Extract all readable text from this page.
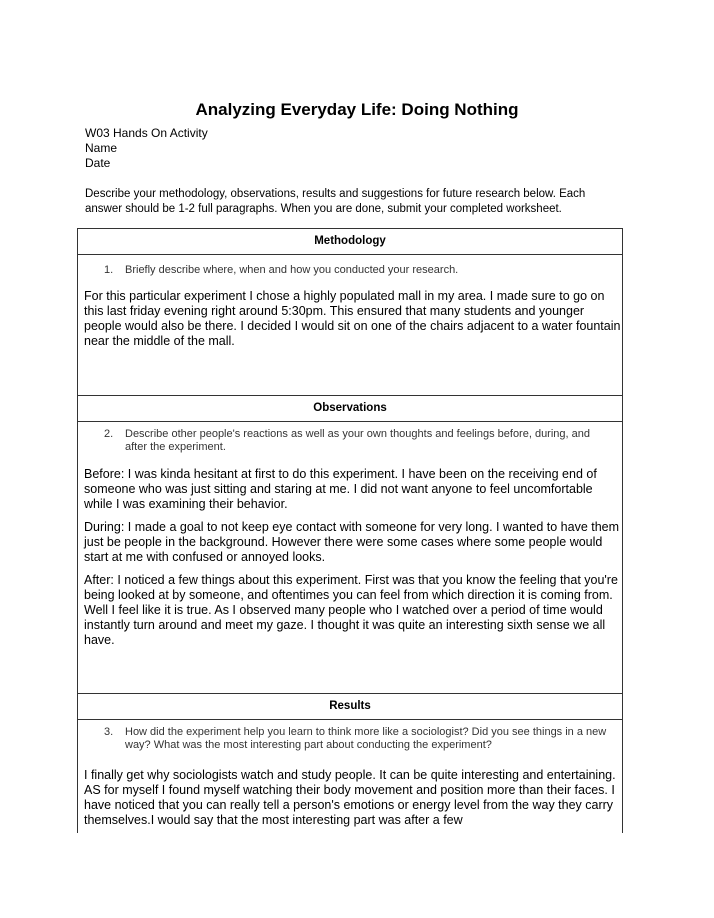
Analyzing Everyday Life: Doing Nothing
W03 Hands On Activity
Name
Date
Describe your methodology, observations, results and suggestions for future research below. Each answer should be 1-2 full paragraphs. When you are done, submit your completed worksheet.
Methodology
1. Briefly describe where, when and how you conducted your research.

For this particular experiment I chose a highly populated mall in my area. I made sure to go on this last friday evening right around 5:30pm. This ensured that many students and younger people would also be there. I decided I would sit on one of the chairs adjacent to a water fountain near the middle of the mall.

Observations
2. Describe other people's reactions as well as your own thoughts and feelings before, during, and after the experiment.

Before: I was kinda hesitant at first to do this experiment. I have been on the receiving end of someone who was just sitting and staring at me. I did not want anyone to feel uncomfortable while I was examining their behavior.

During: I made a goal to not keep eye contact with someone for very long. I wanted to have them just be people in the background. However there were some cases where some people would start at me with confused or annoyed looks.

After: I noticed a few things about this experiment. First was that you know the feeling that you're being looked at by someone, and oftentimes you can feel from which direction it is coming from. Well I feel like it is true. As I observed many people who I watched over a period of time would instantly turn around and meet my gaze. I thought it was quite an interesting sixth sense we all have.

Results
3. How did the experiment help you learn to think more like a sociologist? Did you see things in a new way? What was the most interesting part about conducting the experiment?

I finally get why sociologists watch and study people. It can be quite interesting and entertaining. AS for myself I found myself watching their body movement and position more than their faces. I have noticed that you can really tell a person's emotions or energy level from the way they carry themselves.I would say that the most interesting part was after a few
